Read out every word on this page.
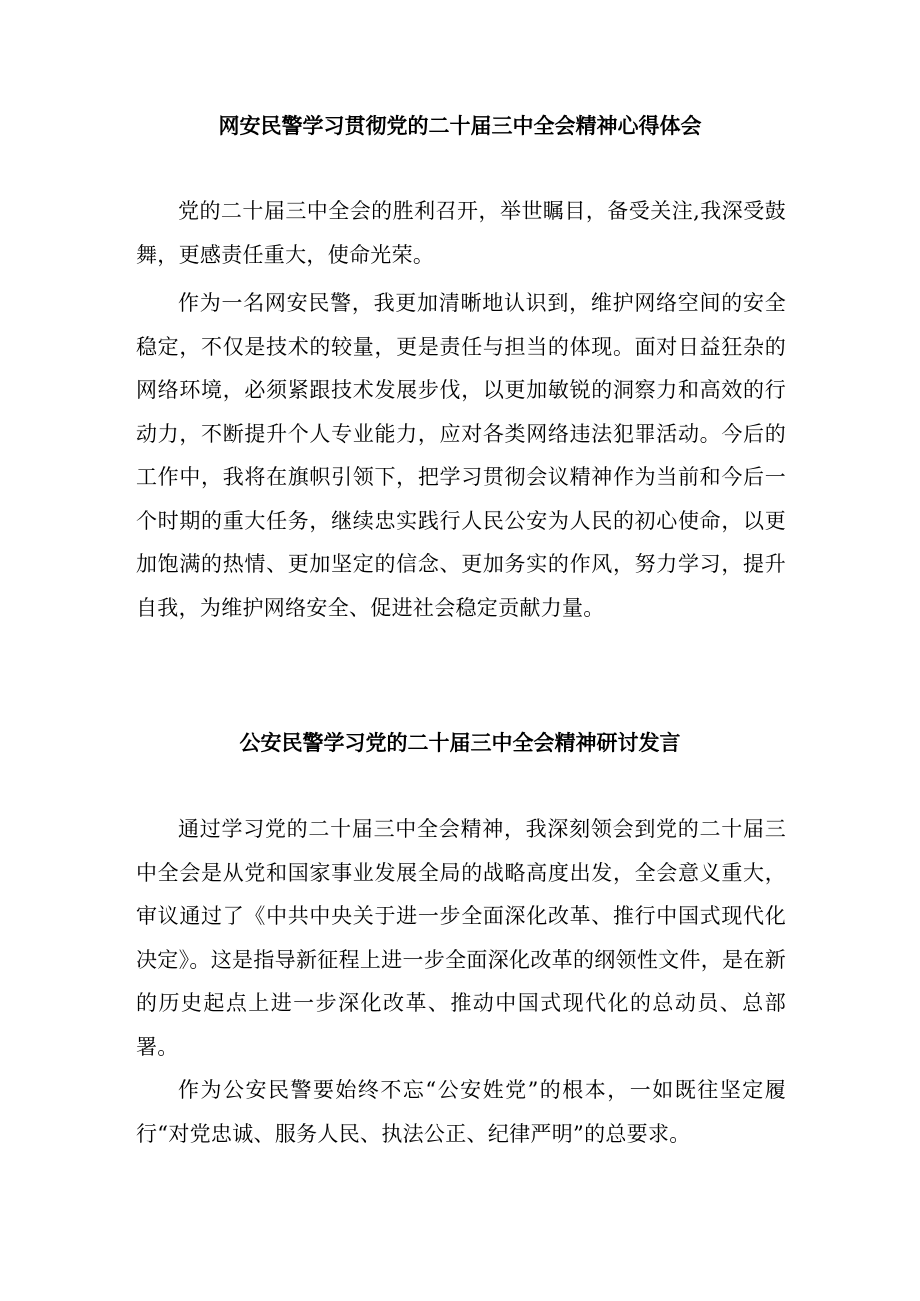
网安民警学习贯彻党的二十届三中全会精神心得体会

党的二十届三中全会的胜利召开，举世瞩目，备受关注,我深受鼓舞，更感责任重大，使命光荣。

作为一名网安民警，我更加清晰地认识到，维护网络空间的安全稳定，不仅是技术的较量，更是责任与担当的体现。面对日益狂杂的网络环境，必须紧跟技术发展步伐，以更加敏锐的洞察力和高效的行动力，不断提升个人专业能力，应对各类网络违法犯罪活动。今后的工作中，我将在旗帜引领下，把学习贯彻会议精神作为当前和今后一个时期的重大任务，继续忠实践行人民公安为人民的初心使命，以更加饱满的热情、更加坚定的信念、更加务实的作风，努力学习，提升自我，为维护网络安全、促进社会稳定贡献力量。

公安民警学习党的二十届三中全会精神研讨发言

通过学习党的二十届三中全会精神，我深刻领会到党的二十届三中全会是从党和国家事业发展全局的战略高度出发，全会意义重大，审议通过了《中共中央关于进一步全面深化改革、推行中国式现代化决定》。这是指导新征程上进一步全面深化改革的纲领性文件，是在新的历史起点上进一步深化改革、推动中国式现代化的总动员、总部署。

作为公安民警要始终不忘“公安姓党”的根本，一如既往坚定履行“对党忠诚、服务人民、执法公正、纪律严明”的总要求。
